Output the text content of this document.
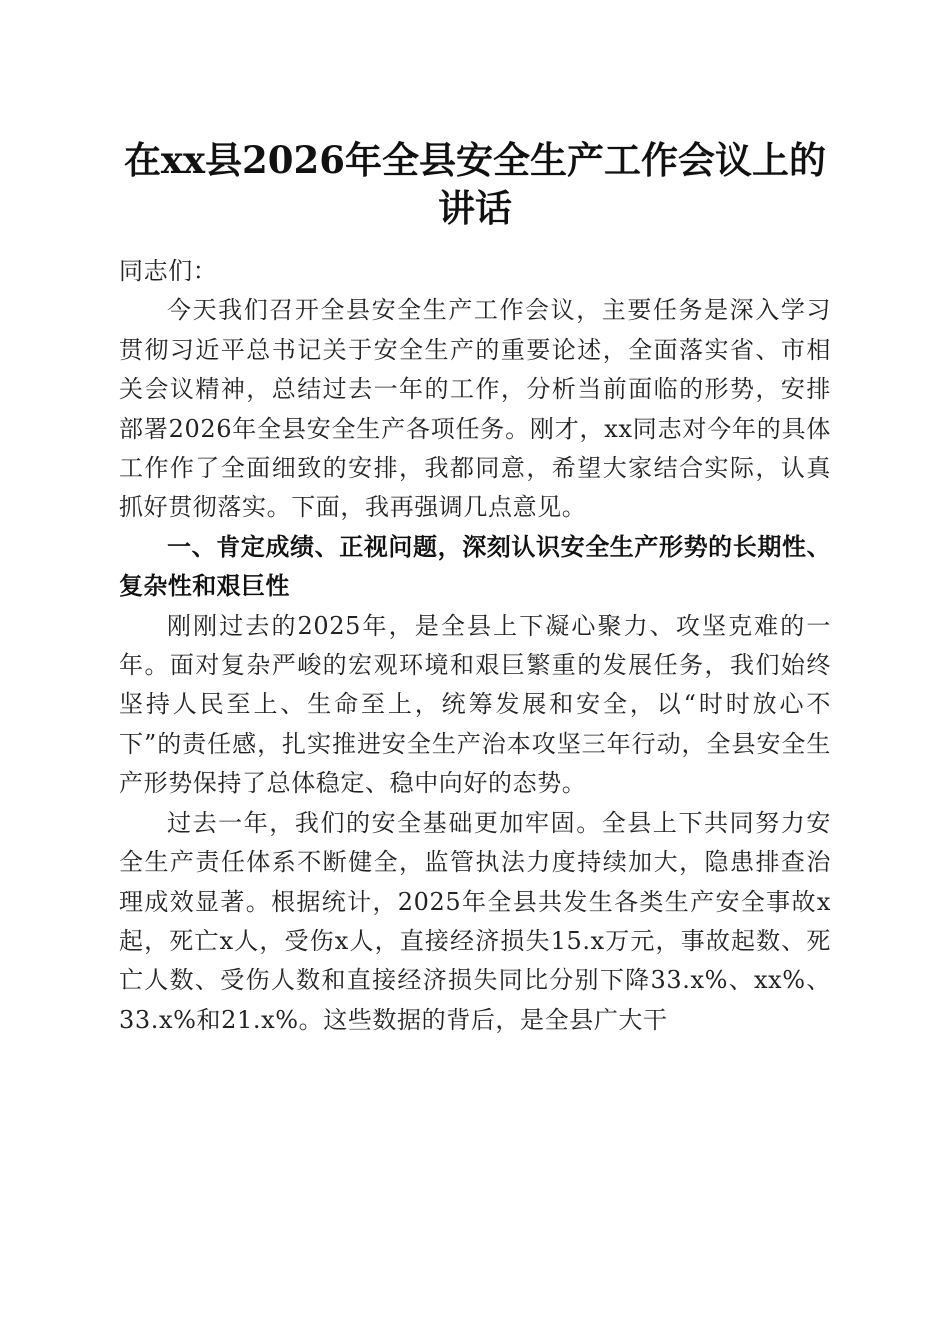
在xx县2026年全县安全生产工作会议上的讲话

同志们：

今天我们召开全县安全生产工作会议，主要任务是深入学习贯彻习近平总书记关于安全生产的重要论述，全面落实省、市相关会议精神，总结过去一年的工作，分析当前面临的形势，安排部署2026年全县安全生产各项任务。刚才，xx同志对今年的具体工作作了全面细致的安排，我都同意，希望大家结合实际，认真抓好贯彻落实。下面，我再强调几点意见。

一、肯定成绩、正视问题，深刻认识安全生产形势的长期性、复杂性和艰巨性

刚刚过去的2025年，是全县上下凝心聚力、攻坚克难的一年。面对复杂严峻的宏观环境和艰巨繁重的发展任务，我们始终坚持人民至上、生命至上，统筹发展和安全，以“时时放心不下”的责任感，扎实推进安全生产治本攻坚三年行动，全县安全生产形势保持了总体稳定、稳中向好的态势。

过去一年，我们的安全基础更加牢固。全县上下共同努力安全生产责任体系不断健全，监管执法力度持续加大，隐患排查治理成效显著。根据统计，2025年全县共发生各类生产安全事故x起，死亡x人，受伤x人，直接经济损失15.x万元，事故起数、死亡人数、受伤人数和直接经济损失同比分别下降33.x%、xx%、33.x%和21.x%。这些数据的背后，是全县广大干
